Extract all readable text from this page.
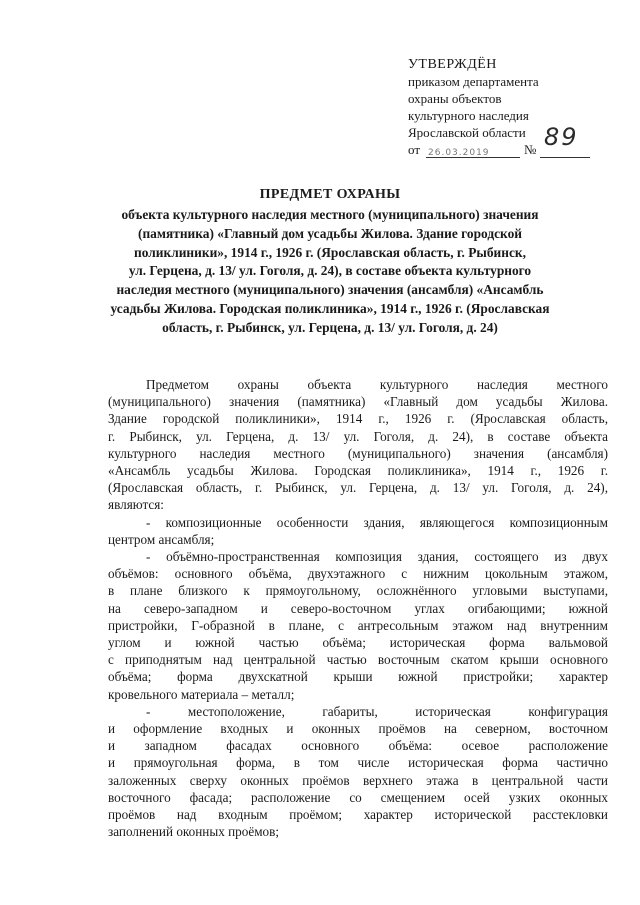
УТВЕРЖДЁН
приказом департамента
охраны объектов
культурного наследия
Ярославской области
от 26.03.2019	№ 89
ПРЕДМЕТ ОХРАНЫ
объекта культурного наследия местного (муниципального) значения
(памятника) «Главный дом усадьбы Жилова. Здание городской
поликлиники», 1914 г., 1926 г. (Ярославская область, г. Рыбинск,
ул. Герцена, д. 13/ ул. Гоголя, д. 24), в составе объекта культурного
наследия местного (муниципального) значения (ансамбля) «Ансамбль
усадьбы Жилова. Городская поликлиника», 1914 г., 1926 г. (Ярославская
область, г. Рыбинск, ул. Герцена, д. 13/ ул. Гоголя, д. 24)
Предметом охраны объекта культурного наследия местного
(муниципального) значения (памятника) «Главный дом усадьбы Жилова.
Здание городской поликлиники», 1914 г., 1926 г. (Ярославская область,
г. Рыбинск, ул. Герцена, д. 13/ ул. Гоголя, д. 24), в составе объекта
культурного наследия местного (муниципального) значения (ансамбля)
«Ансамбль усадьбы Жилова. Городская поликлиника», 1914 г., 1926 г.
(Ярославская область, г. Рыбинск, ул. Герцена, д. 13/ ул. Гоголя, д. 24),
являются:
- композиционные особенности здания, являющегося композиционным
центром ансамбля;
- объёмно-пространственная композиция здания, состоящего из двух
объёмов: основного объёма, двухэтажного с нижним цокольным этажом,
в плане близкого к прямоугольному, осложнённого угловыми выступами,
на северо-западном и северо-восточном углах огибающими; южной
пристройки, Г-образной в плане, с антресольным этажом над внутренним
углом и южной частью объёма; историческая форма вальмовой
с приподнятым над центральной частью восточным скатом крыши основного
объёма; форма двухскатной крыши южной пристройки; характер
кровельного материала – металл;
- местоположение, габариты, историческая конфигурация
и оформление входных и оконных проёмов на северном, восточном
и западном фасадах основного объёма: осевое расположение
и прямоугольная форма, в том числе историческая форма частично
заложенных сверху оконных проёмов верхнего этажа в центральной части
восточного фасада; расположение со смещением осей узких оконных
проёмов над входным проёмом; характер исторической расстекловки
заполнений оконных проёмов;
